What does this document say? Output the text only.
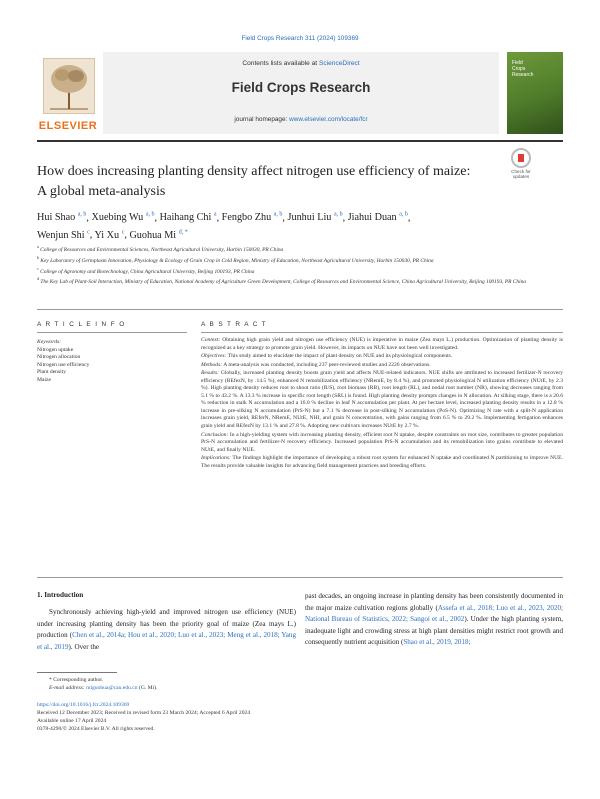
Field Crops Research 311 (2024) 109369
ELSEVIER
Contents lists available at ScienceDirect
Field Crops Research
journal homepage: www.elsevier.com/locate/fcr
Field
Crops
Research
How does increasing planting density affect nitrogen use efficiency of maize: A global meta-analysis
Check for updates
Hui Shao $^{a, b}$, Xuebing Wu $^{a, b}$, Haihang Chi $^a$, Fengbo Zhu $^{a, b}$, Junhui Liu $^{a, b}$, Jiahui Duan $^{a, b}$,
Wenjun Shi $^c$, Yi Xu $^c$, Guohua Mi $^{d, *}$
$^a$ College of Resources and Environmental Sciences, Northeast Agricultural University, Harbin 150030, PR China
$^b$ Key Laboratory of Germplasm Innovation, Physiology & Ecology of Grain Crop in Cold Region, Ministry of Education, Northeast Agricultural University, Harbin 150030, PR China
$^c$ College of Agronomy and Biotechnology, China Agricultural University, Beijing 100193, PR China
$^d$ The Key Lab of Plant-Soil Interaction, Ministry of Education, National Academy of Agriculture Green Development, College of Resources and Environmental Science, China Agricultural University, Beijing 100193, PR China
A R T I C L E I N F O	A B S T R A C T
Keywords:
Nitrogen uptake
Nitrogen allocation
Nitrogen use efficiency
Plant density
Maize

Context: Obtaining high grain yield and nitrogen use efficiency (NUE) is imperative in maize (Zea mays L.) production. Optimization of planting density is recognized as a key strategy to promote grain yield. However, its impacts on NUE have not been well investigated.

Objectives: This study aimed to elucidate the impact of plant density on NUE and its physiological components.

Methods: A meta-analysis was conducted, including 237 peer-reviewed studies and 2226 observations.

Results: Globally, increased planting density boosts grain yield and affects NUE-related indicators. NUE shifts are attributed to increased fertilizer-N recovery efficiency (REfezN, by .14.5 %), enhanced N remobilization efficiency (NRemE, by 8.4 %), and promoted physiological N utilization efficiency (NUtE, by 2.3 %). High planting density reduces root to shoot ratio (R/S), root biomass (RB), root length (RL), and nodal root number (NR), showing decreases ranging from 5.1 % to 43.2 %. A 13.3 % increase in specific root length (SRL) is found. High planting density prompts changes in N allocation. At silking stage, there is a 20.6 % reduction in stalk N accumulation and a 16.0 % decline in leaf N accumulation per plant. At per hectare level, increased planting density results in a 12.8 % increase in pre-silking N accumulation (PrS-N) but a 7.1 % decrease in post-silking N accumulation (PoS-N). Optimizing N rate with a split-N application increases grain yield, REferN, NRemE, NUtE, NHI, and grain N concentration, with gains ranging from 6.5 % to 29.2 %. Implementing fertigation enhances grain yield and REfezN by 13.1 % and 27.8 %. Adopting new cultivars increases NUtE by 2.7 %.

Conclusion: In a high-yielding system with increasing planting density, efficient root N uptake, despite constraints on root size, contributes to greater population PrS-N accumulation and fertilizer-N recovery efficiency. Increased population PrS-N accumulation and its remobilization into grains contribute to elevated NUtE, and finally NUE.

Implications: The findings highlight the importance of developing a robust root system for enhanced N uptake and coordinated N partitioning to improve NUE. The results provide valuable insights for advancing field management practices and breeding efforts.

1. Introduction
Synchronously achieving high-yield and improved nitrogen use efficiency (NUE) under increasing planting density has been the priority goal of maize (Zea mays L.) production (Chen et al., 2014a; Hou et al., 2020; Luo et al., 2023; Meng et al., 2018; Yang et al., 2019). Over the
past decades, an ongoing increase in planting density has been consistently documented in the major maize cultivation regions globally (Assefa et al., 2018; Luo et al., 2023, 2020; National Bureau of Statistics, 2022; Sangoi et al., 2002). Under the high planting system, inadequate light and crowding stress at high plant densities might restrict root growth and consequently nutrient acquisition (Shao et al., 2019, 2018;
* Corresponding author.
E-mail address: miguohua@cau.edu.cn (G. Mi).
https://doi.org/10.1016/j.fcr.2024.109369
Received 12 December 2023; Received in revised form 23 March 2024; Accepted 6 April 2024
Available online 17 April 2024
0378-4290/© 2024 Elsevier B.V. All rights reserved.
